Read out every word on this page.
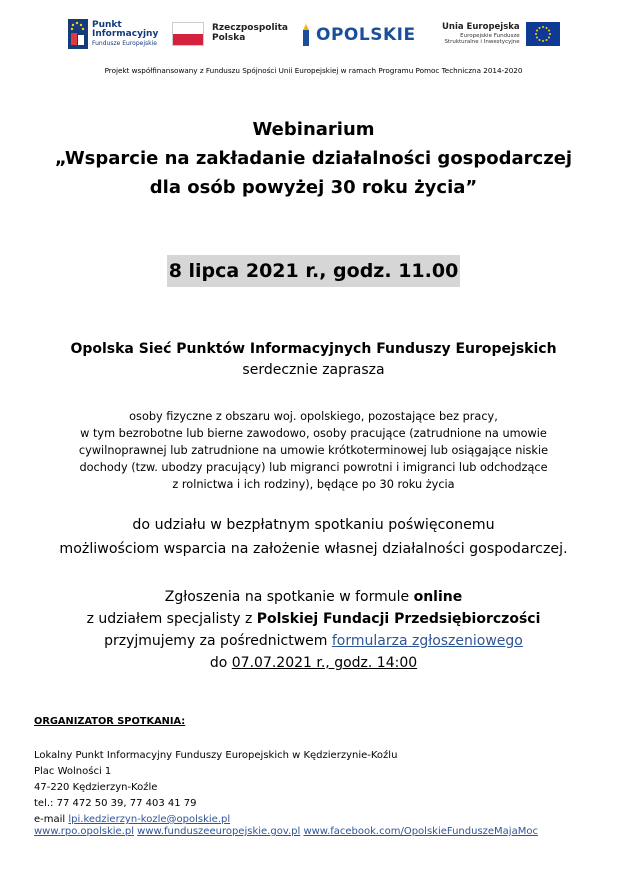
Punkt
Informacyjny
Fundusze Europejskie
Rzeczpospolita
Polska	OPOLSKIE	Unia Europejska
Europejskie Fundusze
Strukturalne i Inwestycyjne
Projekt współfinansowany z Funduszu Spójności Unii Europejskiej w ramach Programu Pomoc Techniczna 2014-2020
Webinarium
„Wsparcie na zakładanie działalności gospodarczej
dla osób powyżej 30 roku życia”
8 lipca 2021 r., godz. 11.00
Opolska Sieć Punktów Informacyjnych Funduszy Europejskich
serdecznie zaprasza
osoby fizyczne z obszaru woj. opolskiego, pozostające bez pracy,
w tym bezrobotne lub bierne zawodowo, osoby pracujące (zatrudnione na umowie
cywilnoprawnej lub zatrudnione na umowie krótkoterminowej lub osiągające niskie
dochody (tzw. ubodzy pracujący) lub migranci powrotni i imigranci lub odchodzące
z rolnictwa i ich rodziny), będące po 30 roku życia
do udziału w bezpłatnym spotkaniu poświęconemu
możliwościom wsparcia na założenie własnej działalności gospodarczej.
Zgłoszenia na spotkanie w formule online
z udziałem specjalisty z Polskiej Fundacji Przedsiębiorczości
przyjmujemy za pośrednictwem formularza zgłoszeniowego
do 07.07.2021 r., godz. 14:00
ORGANIZATOR SPOTKANIA:
Lokalny Punkt Informacyjny Funduszy Europejskich w Kędzierzynie-Koźlu
Plac Wolności 1
47-220 Kędzierzyn-Koźle
tel.: 77 472 50 39, 77 403 41 79
e-mail lpi.kedzierzyn-kozle@opolskie.pl
www.rpo.opolskie.pl www.funduszeeuropejskie.gov.pl www.facebook.com/OpolskieFunduszeMajaMoc
